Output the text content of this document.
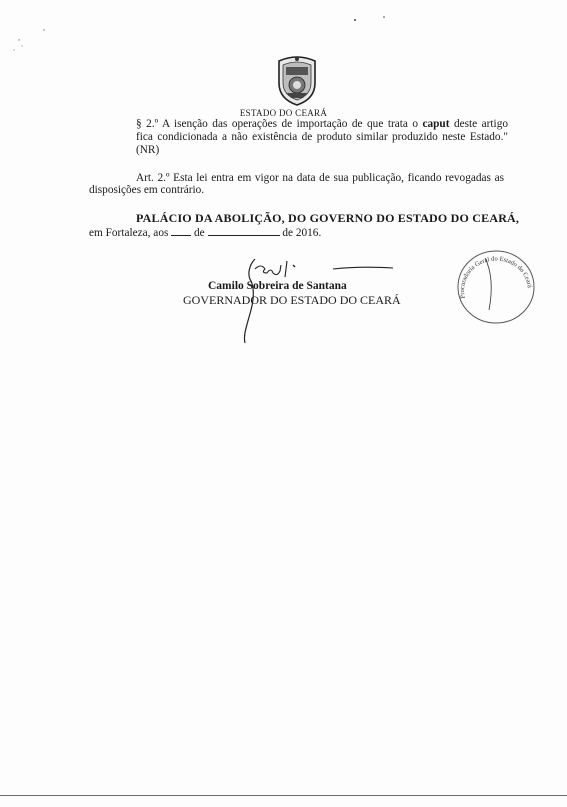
ESTADO DO CEARÁ
§ 2.º A isenção das operações de importação de que trata o caput deste artigo
fica condicionada a não existência de produto similar produzido neste Estado."
(NR)
Art. 2.º Esta lei entra em vigor na data de sua publicação, ficando revogadas as
disposições em contrário.
PALÁCIO DA ABOLIÇÃO, DO GOVERNO DO ESTADO DO CEARÁ,
em Fortaleza, aos de	de 2016.
Camilo Sobreira de Santana
GOVERNADOR DO ESTADO DO CEARÁ	Procuradoria Geral do Estado do Ceará
